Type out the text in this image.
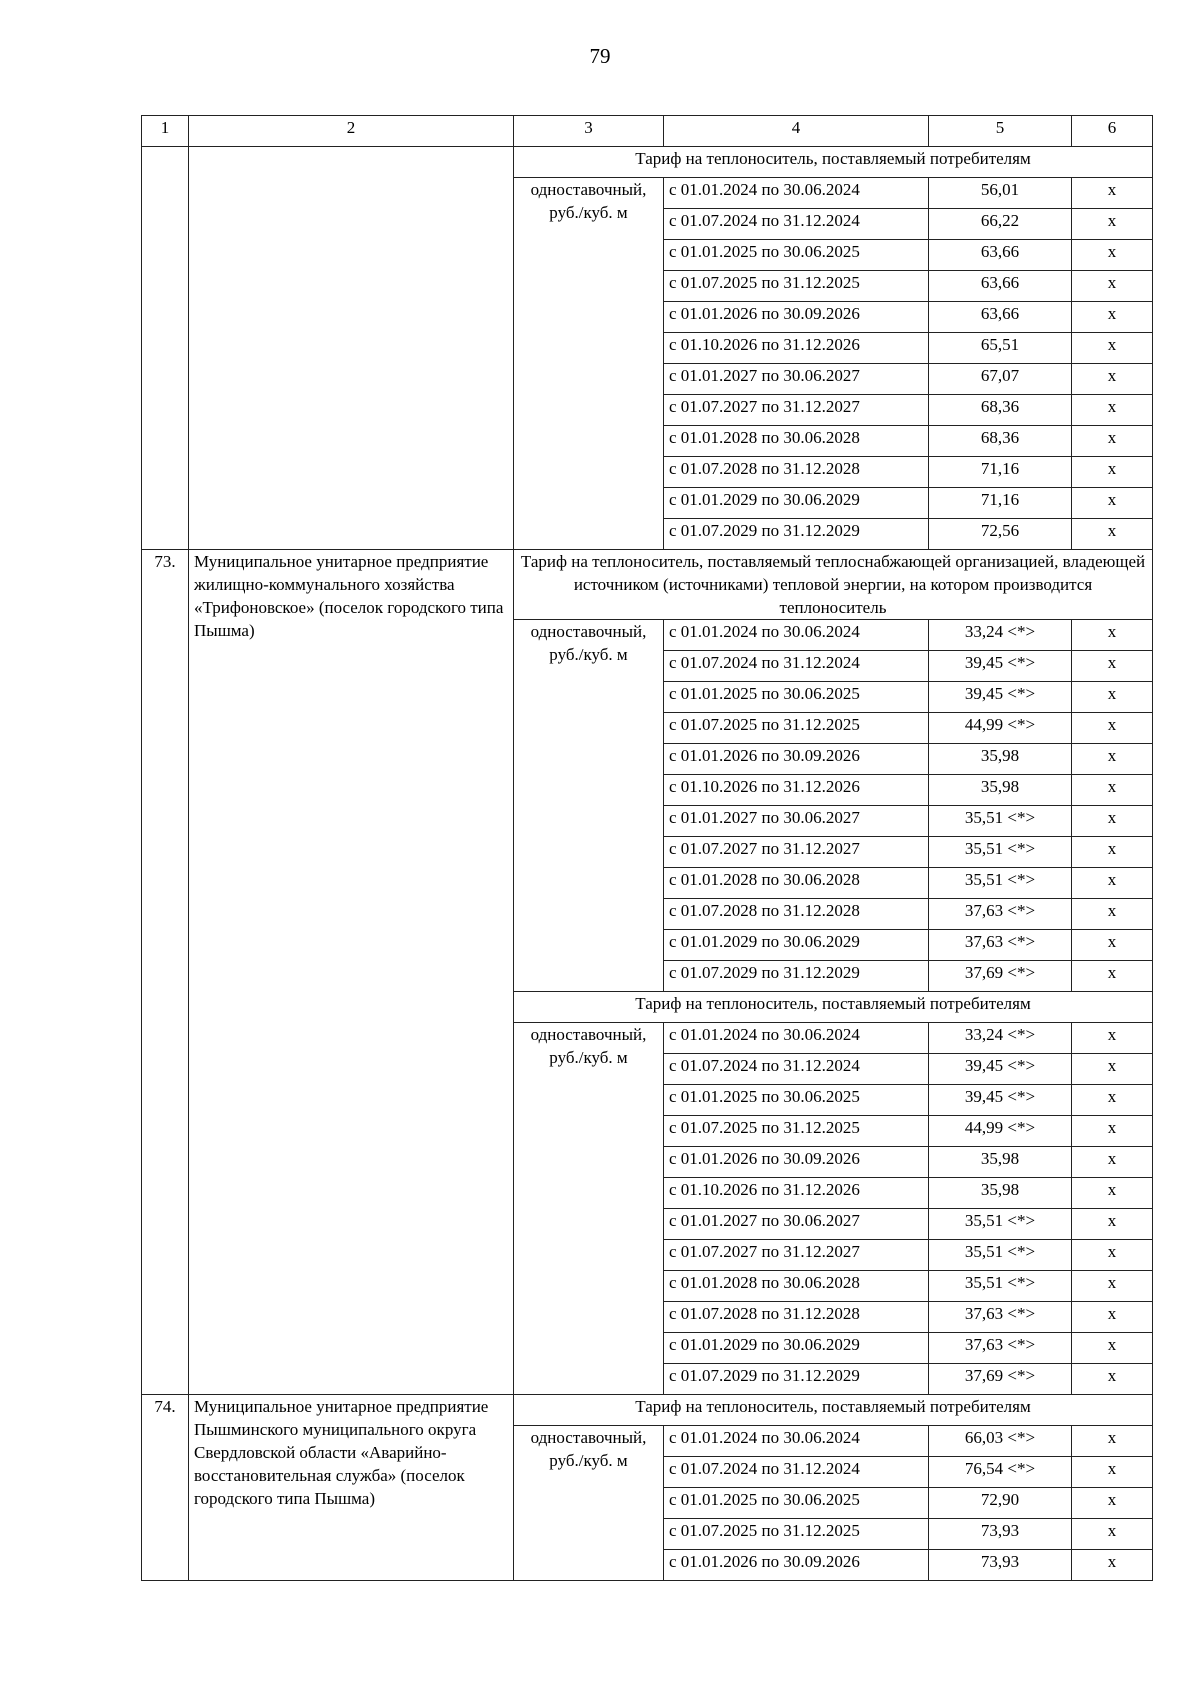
79
1	2	3	4	5	6
		Тариф на теплоноситель, поставляемый потребителям			
		одноставочный, руб./куб. м	с 01.01.2024 по 30.06.2024	56,01	х
			с 01.07.2024 по 31.12.2024	66,22	х
			с 01.01.2025 по 30.06.2025	63,66	х
			с 01.07.2025 по 31.12.2025	63,66	х
			с 01.01.2026 по 30.09.2026	63,66	х
			с 01.10.2026 по 31.12.2026	65,51	х
			с 01.01.2027 по 30.06.2027	67,07	х
			с 01.07.2027 по 31.12.2027	68,36	х
			с 01.01.2028 по 30.06.2028	68,36	х
			с 01.07.2028 по 31.12.2028	71,16	х
			с 01.01.2029 по 30.06.2029	71,16	х
			с 01.07.2029 по 31.12.2029	72,56	х
73.	Муниципальное унитарное предприятие жилищно-коммунального хозяйства «Трифоновское» (поселок городского типа Пышма)	Тариф на теплоноситель, поставляемый теплоснабжающей организацией, владеющей источником (источниками) тепловой энергии, на котором производится теплоноситель			
		одноставочный, руб./куб. м	с 01.01.2024 по 30.06.2024	33,24 <*>	х
			с 01.07.2024 по 31.12.2024	39,45 <*>	х
			с 01.01.2025 по 30.06.2025	39,45 <*>	х
			с 01.07.2025 по 31.12.2025	44,99 <*>	х
			с 01.01.2026 по 30.09.2026	35,98	х
			с 01.10.2026 по 31.12.2026	35,98	х
			с 01.01.2027 по 30.06.2027	35,51 <*>	х
			с 01.07.2027 по 31.12.2027	35,51 <*>	х
			с 01.01.2028 по 30.06.2028	35,51 <*>	х
			с 01.07.2028 по 31.12.2028	37,63 <*>	х
			с 01.01.2029 по 30.06.2029	37,63 <*>	х
			с 01.07.2029 по 31.12.2029	37,69 <*>	х
		Тариф на теплоноситель, поставляемый потребителям			
		одноставочный, руб./куб. м	с 01.01.2024 по 30.06.2024	33,24 <*>	х
			с 01.07.2024 по 31.12.2024	39,45 <*>	х
			с 01.01.2025 по 30.06.2025	39,45 <*>	х
			с 01.07.2025 по 31.12.2025	44,99 <*>	х
			с 01.01.2026 по 30.09.2026	35,98	х
			с 01.10.2026 по 31.12.2026	35,98	х
			с 01.01.2027 по 30.06.2027	35,51 <*>	х
			с 01.07.2027 по 31.12.2027	35,51 <*>	х
			с 01.01.2028 по 30.06.2028	35,51 <*>	х
			с 01.07.2028 по 31.12.2028	37,63 <*>	х
			с 01.01.2029 по 30.06.2029	37,63 <*>	х
			с 01.07.2029 по 31.12.2029	37,69 <*>	х
74.	Муниципальное унитарное предприятие Пышминского муниципального округа Свердловской области «Аварийно-восстановительная служба» (поселок городского типа Пышма)	Тариф на теплоноситель, поставляемый потребителям			
		одноставочный, руб./куб. м	с 01.01.2024 по 30.06.2024	66,03 <*>	х
			с 01.07.2024 по 31.12.2024	76,54 <*>	х
			с 01.01.2025 по 30.06.2025	72,90	х
			с 01.07.2025 по 31.12.2025	73,93	х
			с 01.01.2026 по 30.09.2026	73,93	х
